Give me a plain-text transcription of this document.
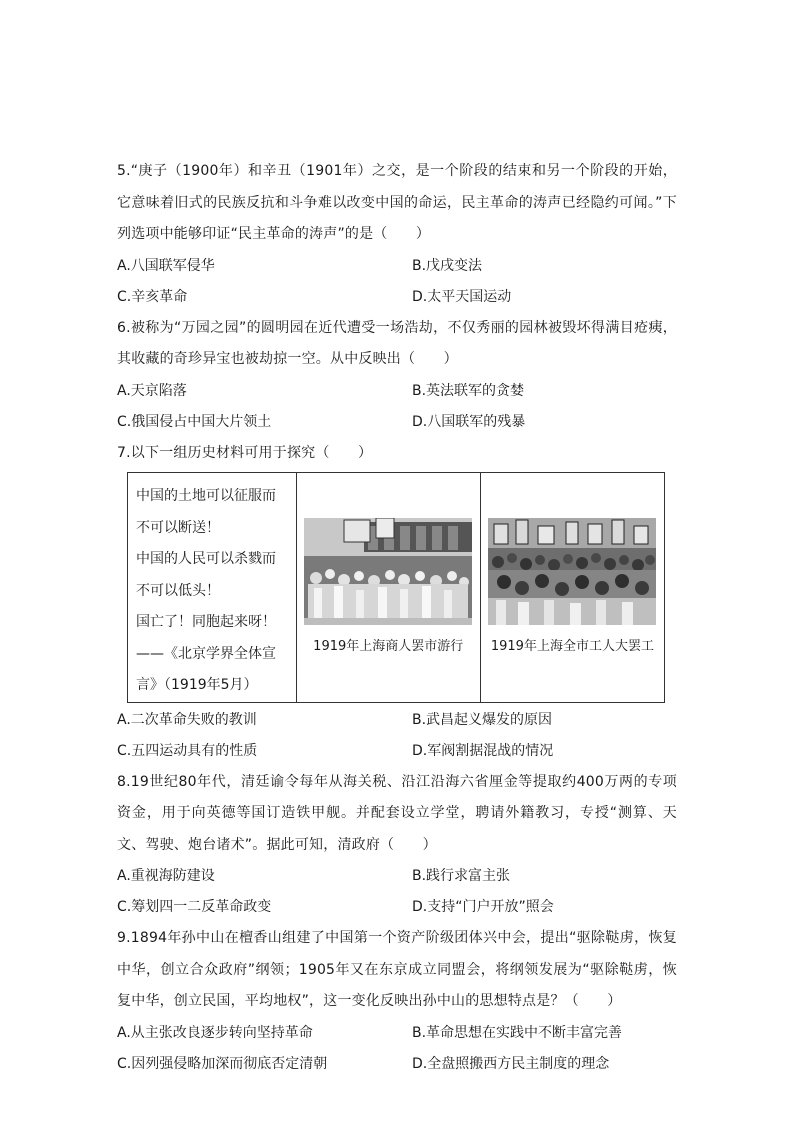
5.“庚子（1900年）和辛丑（1901年）之交，是一个阶段的结束和另一个阶段的开始，它意味着旧式的民族反抗和斗争难以改变中国的命运，民主革命的涛声已经隐约可闻。”下列选项中能够印证“民主革命的涛声”的是（　　）

A.八国联军侵华	B.戊戌变法
C.辛亥革命	D.太平天国运动

6.被称为“万园之园”的圆明园在近代遭受一场浩劫，不仅秀丽的园林被毁坏得满目疮痍，其收藏的奇珍异宝也被劫掠一空。从中反映出（　　）

A.天京陷落	B.英法联军的贪婪
C.俄国侵占中国大片领土	D.八国联军的残暴

7.以下一组历史材料可用于探究（　　）

中国的土地可以征服而
不可以断送！
中国的人民可以杀戮而
不可以低头！
国亡了！同胞起来呀！
——《北京学界全体宣
言》（1919年5月）

1919年上海商人罢市游行	1919年上海全市工人大罢工
A.二次革命失败的教训	B.武昌起义爆发的原因
C.五四运动具有的性质	D.军阀割据混战的情况

8.19世纪80年代，清廷谕令每年从海关税、沿江沿海六省厘金等提取约400万两的专项资金，用于向英德等国订造铁甲舰。并配套设立学堂，聘请外籍教习，专授“测算、天文、驾驶、炮台诸术”。据此可知，清政府（　　）

A.重视海防建设	B.践行求富主张
C.筹划四一二反革命政变	D.支持“门户开放”照会

9.1894年孙中山在檀香山组建了中国第一个资产阶级团体兴中会，提出“驱除鞑虏，恢复中华，创立合众政府”纲领；1905年又在东京成立同盟会，将纲领发展为“驱除鞑虏，恢复中华，创立民国，平均地权”，这一变化反映出孙中山的思想特点是？（　　）

A.从主张改良逐步转向坚持革命	B.革命思想在实践中不断丰富完善
C.因列强侵略加深而彻底否定清朝	D.全盘照搬西方民主制度的理念
